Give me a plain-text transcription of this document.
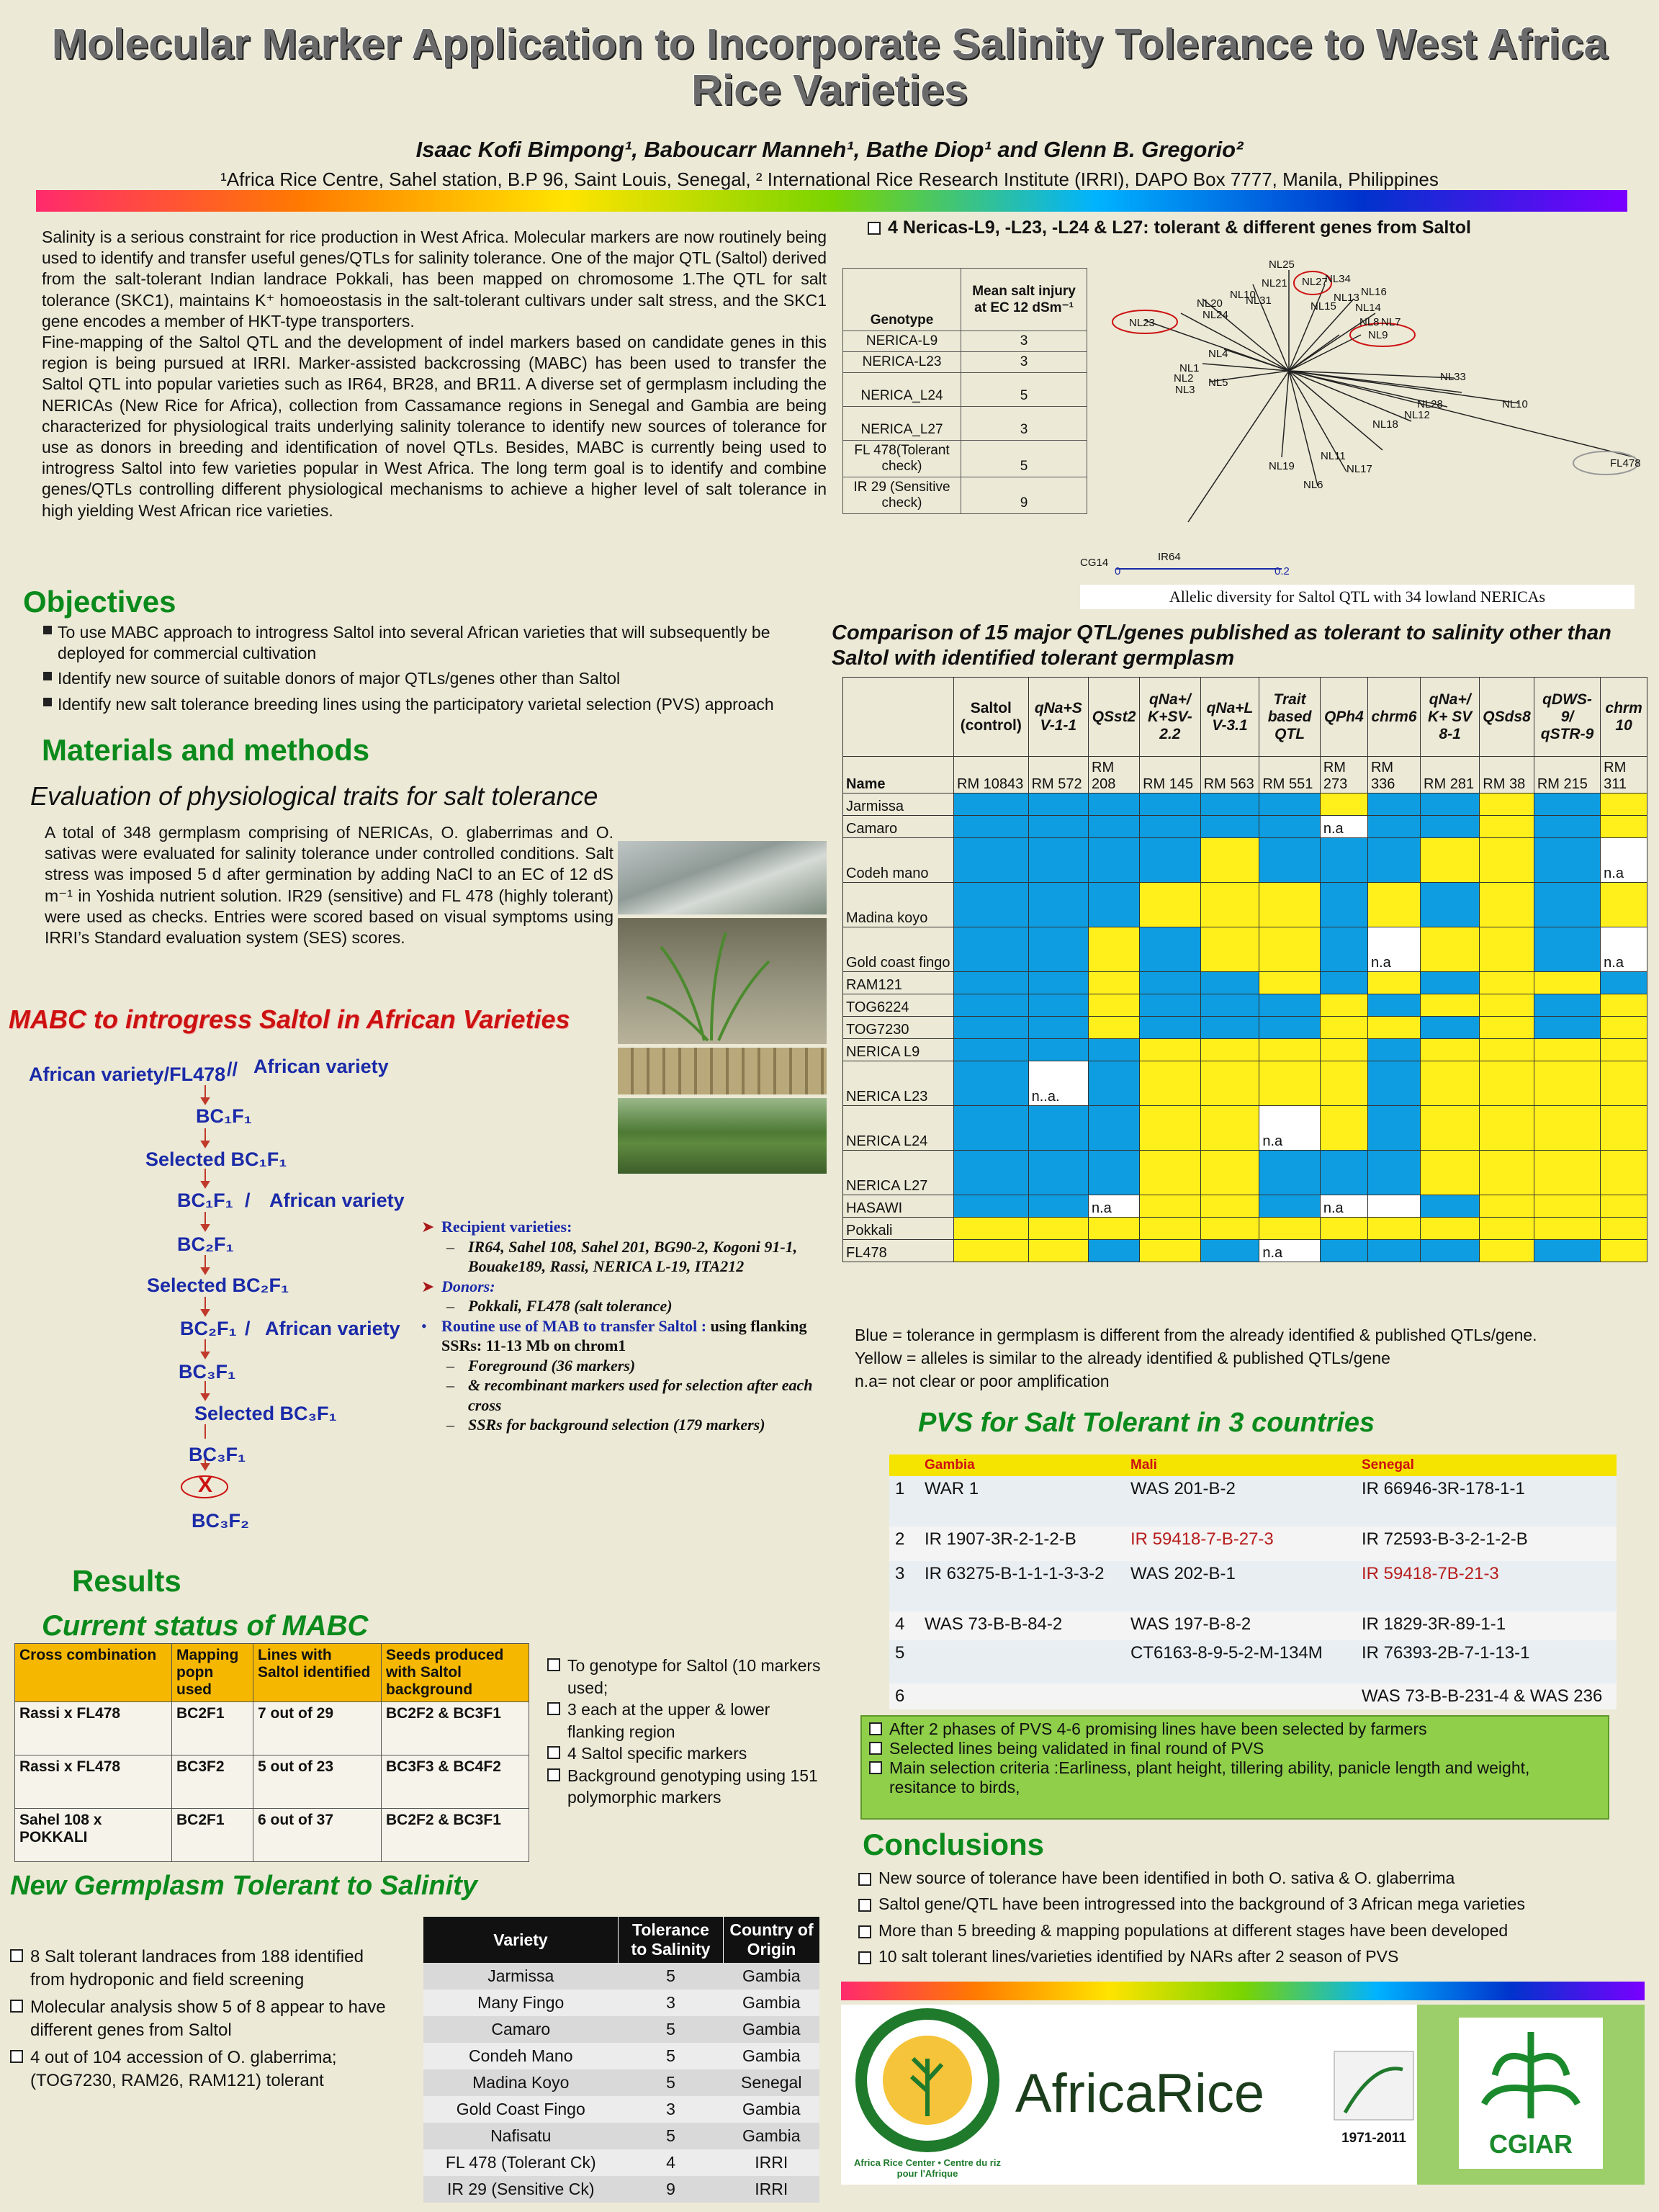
Molecular Marker Application to Incorporate Salinity Tolerance to West Africa Rice Varieties
Isaac Kofi Bimpong¹, Baboucarr Manneh¹, Bathe Diop¹ and Glenn B. Gregorio²
¹Africa Rice Centre, Sahel station, B.P 96, Saint Louis, Senegal, ² International Rice Research Institute (IRRI), DAPO Box 7777, Manila, Philippines
Salinity is a serious constraint for rice production in West Africa. Molecular markers are now routinely being used to identify and transfer useful genes/QTLs for salinity tolerance. One of the major QTL (Saltol) derived from the salt-tolerant Indian landrace Pokkali, has been mapped on chromosome 1.The QTL for salt tolerance (SKC1), maintains K⁺ homoeostasis in the salt-tolerant cultivars under salt stress, and the SKC1 gene encodes a member of HKT-type transporters.
Fine-mapping of the Saltol QTL and the development of indel markers based on candidate genes in this region is being pursued at IRRI. Marker-assisted backcrossing (MABC) has been used to transfer the Saltol QTL into popular varieties such as IR64, BR28, and BR11. A diverse set of germplasm including the NERICAs (New Rice for Africa), collection from Cassamance regions in Senegal and Gambia are being characterized for physiological traits underlying salinity tolerance to identify new sources of tolerance for use as donors in breeding and identification of novel QTLs. Besides, MABC is currently being used to introgress Saltol into few varieties popular in West Africa. The long term goal is to identify and combine genes/QTLs controlling different physiological mechanisms to achieve a higher level of salt tolerance in high yielding West African rice varieties.
Objectives
To use MABC approach to introgress Saltol into several African varieties that will subsequently be deployed for commercial cultivation
Identify new source of suitable donors of major QTLs/genes other than Saltol
Identify new salt tolerance breeding lines using the participatory varietal selection (PVS) approach
Materials and methods
Evaluation of physiological traits for salt tolerance
A total of 348 germplasm comprising of NERICAs, O. glaberrimas and O. sativas were evaluated for salinity tolerance under controlled conditions. Salt stress was imposed 5 d after germination by adding NaCl to an EC of 12 dS m⁻¹ in Yoshida nutrient solution. IR29 (sensitive) and FL 478 (highly tolerant) were used as checks. Entries were scored based on visual symptoms using IRRI’s Standard evaluation system (SES) scores.
MABC to introgress Saltol in African Varieties
African variety/FL478 // African variety
BC₁F₁
Selected BC₁F₁
BC₁F₁ / African variety
BC₂F₁
Selected BC₂F₁
BC₂F₁ / African variety
BC₃F₁
Selected BC₃F₁
BC₃F₁
X
BC₃F₂
➤ Recipient varieties:
– IR64, Sahel 108, Sahel 201, BG90-2, Kogoni 91-1, Bouake189, Rassi, NERICA L-19, ITA212
➤ Donors:
– Pokkali, FL478 (salt tolerance)
• Routine use of MAB to transfer Saltol : using flanking SSRs: 11-13 Mb on chrom1
– Foreground (36 markers)
– & recombinant markers used for selection after each cross
– SSRs for background selection (179 markers)
4 Nericas-L9, -L23, -L24 & L27: tolerant & different genes from Saltol
Genotype	Mean salt injury at EC 12 dSm⁻¹
NERICA-L9	3
NERICA-L23	3
NERICA_L24	5
NERICA_L27	3
FL 478(Tolerant check)	5
IR 29 (Sensitive check)	9
NL25
NL27
NL34
NL21
NL13 NL16
NL20
NL10
NL31
NL14
NL15
NL24
NL8 NL7
NL23
NL9
NL4
NL1
NL2	NL33
NL5
NL3
NL28	NL10
NL12
NL18
NL19
NL11
NL17
NL6
FL478
CG14	IR64
0	0.2
Allelic diversity for Saltol QTL with 34 lowland NERICAs
Comparison of 15 major QTL/genes published as tolerant to salinity other than Saltol with identified tolerant germplasm
	Saltol (control)	qNa+S V-1-1	QSst2	qNa+/ K+SV-2.2	qNa+L V-3.1	Trait based QTL	QPh4	chrm6	qNa+/ K+ SV 8-1	QSds8	qDWS-9/ qSTR-9	chrm 10
Name	RM 10843	RM 572	RM 208	RM 145	RM 563	RM 551	RM 273	RM 336	RM 281	RM 38	RM 215	RM 311
Jarmissa												
Camaro							n.a					
Codeh mano												n.a
Madina koyo												
Gold coast fingo								n.a				n.a
RAM121												
TOG6224												
TOG7230												
NERICA L9												
NERICA L23		n..a.										
NERICA L24						n.a						
NERICA L27												
HASAWI			n.a				n.a					
Pokkali												
FL478						n.a						
Blue = tolerance in germplasm is different from the already identified & published QTLs/gene.
Yellow = alleles is similar to the already identified & published QTLs/gene
n.a= not clear or poor amplification
PVS for Salt Tolerant in 3 countries
	Gambia	Mali	Senegal
1	WAR 1	WAS 201-B-2	IR 66946-3R-178-1-1
2	IR 1907-3R-2-1-2-B	IR 59418-7-B-27-3	IR 72593-B-3-2-1-2-B
3	IR 63275-B-1-1-1-3-3-2	WAS 202-B-1	IR 59418-7B-21-3
4	WAS 73-B-B-84-2	WAS 197-B-8-2	IR 1829-3R-89-1-1
5		CT6163-8-9-5-2-M-134M	IR 76393-2B-7-1-13-1
6			WAS 73-B-B-231-4 & WAS 236
After 2 phases of PVS 4-6 promising lines have been selected by farmers
Selected lines being validated in final round of PVS
Main selection criteria :Earliness, plant height, tillering ability, panicle length and weight, resitance to birds,
Conclusions
New source of tolerance have been identified in both O. sativa & O. glaberrima
Saltol gene/QTL have been introgressed into the background of 3 African mega varieties
More than 5 breeding & mapping populations at different stages have been developed
10 salt tolerant lines/varieties identified by NARs after 2 season of PVS
Results
Current status of MABC
Cross combination	Mapping popn used	Lines with Saltol identified	Seeds produced with Saltol background
Rassi x FL478	BC2F1	7 out of 29	BC2F2 & BC3F1
Rassi x FL478	BC3F2	5 out of 23	BC3F3 & BC4F2
Sahel 108 x POKKALI	BC2F1	6 out of 37	BC2F2 & BC3F1
To genotype for Saltol (10 markers used;
3 each at the upper & lower flanking region
4 Saltol specific markers
Background genotyping using 151 polymorphic markers
New Germplasm Tolerant to Salinity
8 Salt tolerant landraces from 188 identified from hydroponic and field screening
Molecular analysis show 5 of 8 appear to have different genes from Saltol
4 out of 104 accession of O. glaberrima; (TOG7230, RAM26, RAM121) tolerant
Variety	Tolerance to Salinity	Country of Origin
Jarmissa	5	Gambia
Many Fingo	3	Gambia
Camaro	5	Gambia
Condeh Mano	5	Gambia
Madina Koyo	5	Senegal
Gold Coast Fingo	3	Gambia
Nafisatu	5	Gambia
FL 478 (Tolerant Ck)	4	IRRI
IR 29 (Sensitive Ck)	9	IRRI
Africa Rice Center • Centre du riz pour l'Afrique
AfricaRice
1971-2011	CGIAR
